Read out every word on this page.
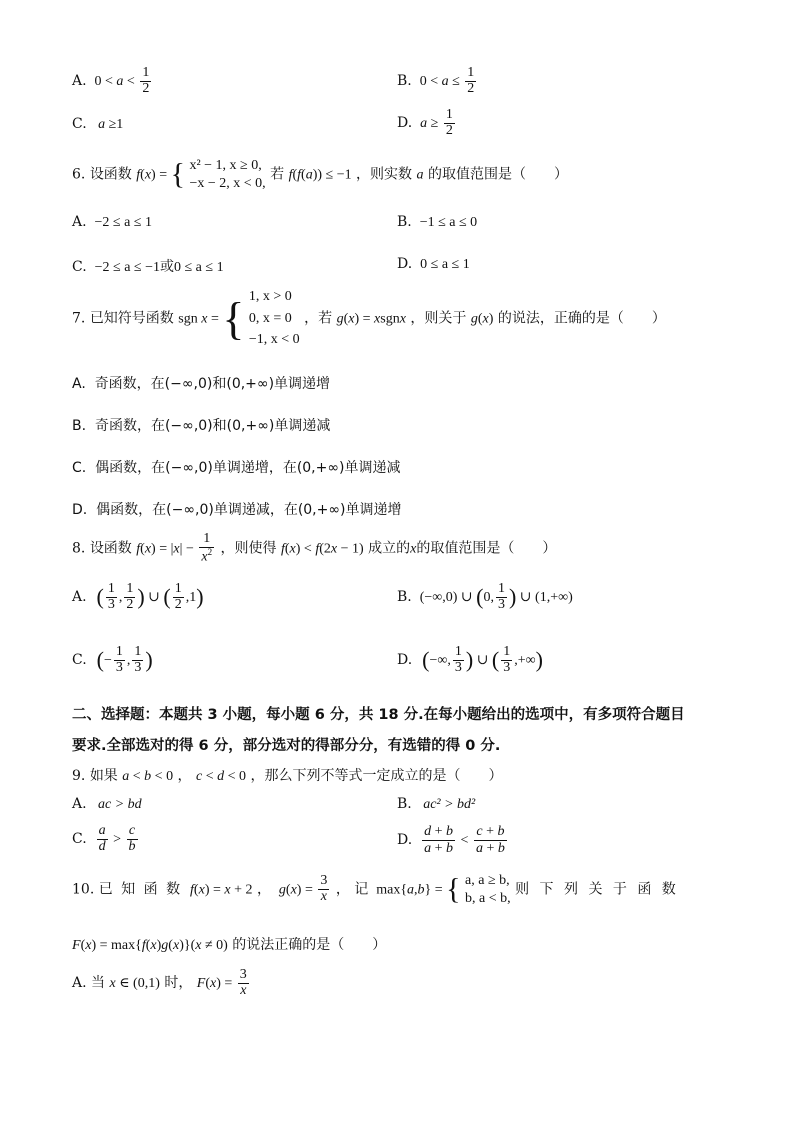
A.  $0 < a < \frac{1}{2}$	B.  $0 < a \le \frac{1}{2}$
C. a ≥1	D. $a \ge \frac{1}{2}$
6. 设函数 f(x) = { x² − 1, x ≥ 0,
−x − 2, x < 0,
若 f(f(a)) ≤ −1 ，则实数 a 的取值范围是（　　）
A. −2 ≤ a ≤ 1	B. −1 ≤ a ≤ 0
C. −2 ≤ a ≤ −1或0 ≤ a ≤ 1	D. 0 ≤ a ≤ 1
7. 已知符号函数 sgn x = { 1, x > 0
0, x = 0
−1, x < 0
，若 g(x) = xsgnx ，则关于 g(x) 的说法，正确的是（　　）
A. 奇函数，在(−∞,0)和(0,+∞)单调递增
B. 奇函数，在(−∞,0)和(0,+∞)单调递减
C. 偶函数，在(−∞,0)单调递增，在(0,+∞)单调递减
D. 偶函数，在(−∞,0)单调递减，在(0,+∞)单调递增
8. 设函数 $f(x) = |x| - \frac{1}{x^2}$ ，则使得 f(x) < f(2x − 1) 成立的x的取值范围是（　　）
A.  ( $\frac{1}{3}$ , $\frac{1}{2}$ ) ∪ ( $\frac{1}{2} ,1$)	B.  (−∞,0) ∪ (0, $\frac{1}{3}$ ) ∪ (1,+∞)
C.  (− $\frac{1}{3}$ , $\frac{1}{3}$ )	D.  (−∞, $\frac{1}{3}$ ) ∪ ( $\frac{1}{3}$ ,+∞)
二、选择题：本题共 3 小题，每小题 6 分，共 18 分.在每小题给出的选项中，有多项符合题目
要求.全部选对的得 6 分，部分选对的得部分分，有选错的得 0 分.
9. 如果 a < b < 0 ， c < d < 0 ，那么下列不等式一定成立的是（　　）
A. ac > bd	B. ac² > bd²
C. $\frac{a}{d} > \frac{c}{b}$	D. $\frac{d + b}{a + b} < \frac{c + b}{a + b}$
10. 已 知 函 数 f(x) = x + 2 ， $g(x) = \frac{3}{x}$ ， 记  max{a,b} = { a, a ≥ b,
b, a < b,
则 下 列 关 于 函 数
F(x) = max{f(x)g(x)}(x ≠ 0) 的说法正确的是（　　）
A. 当 x ∈ (0,1) 时， $F(x) = \frac{3}{x}$
